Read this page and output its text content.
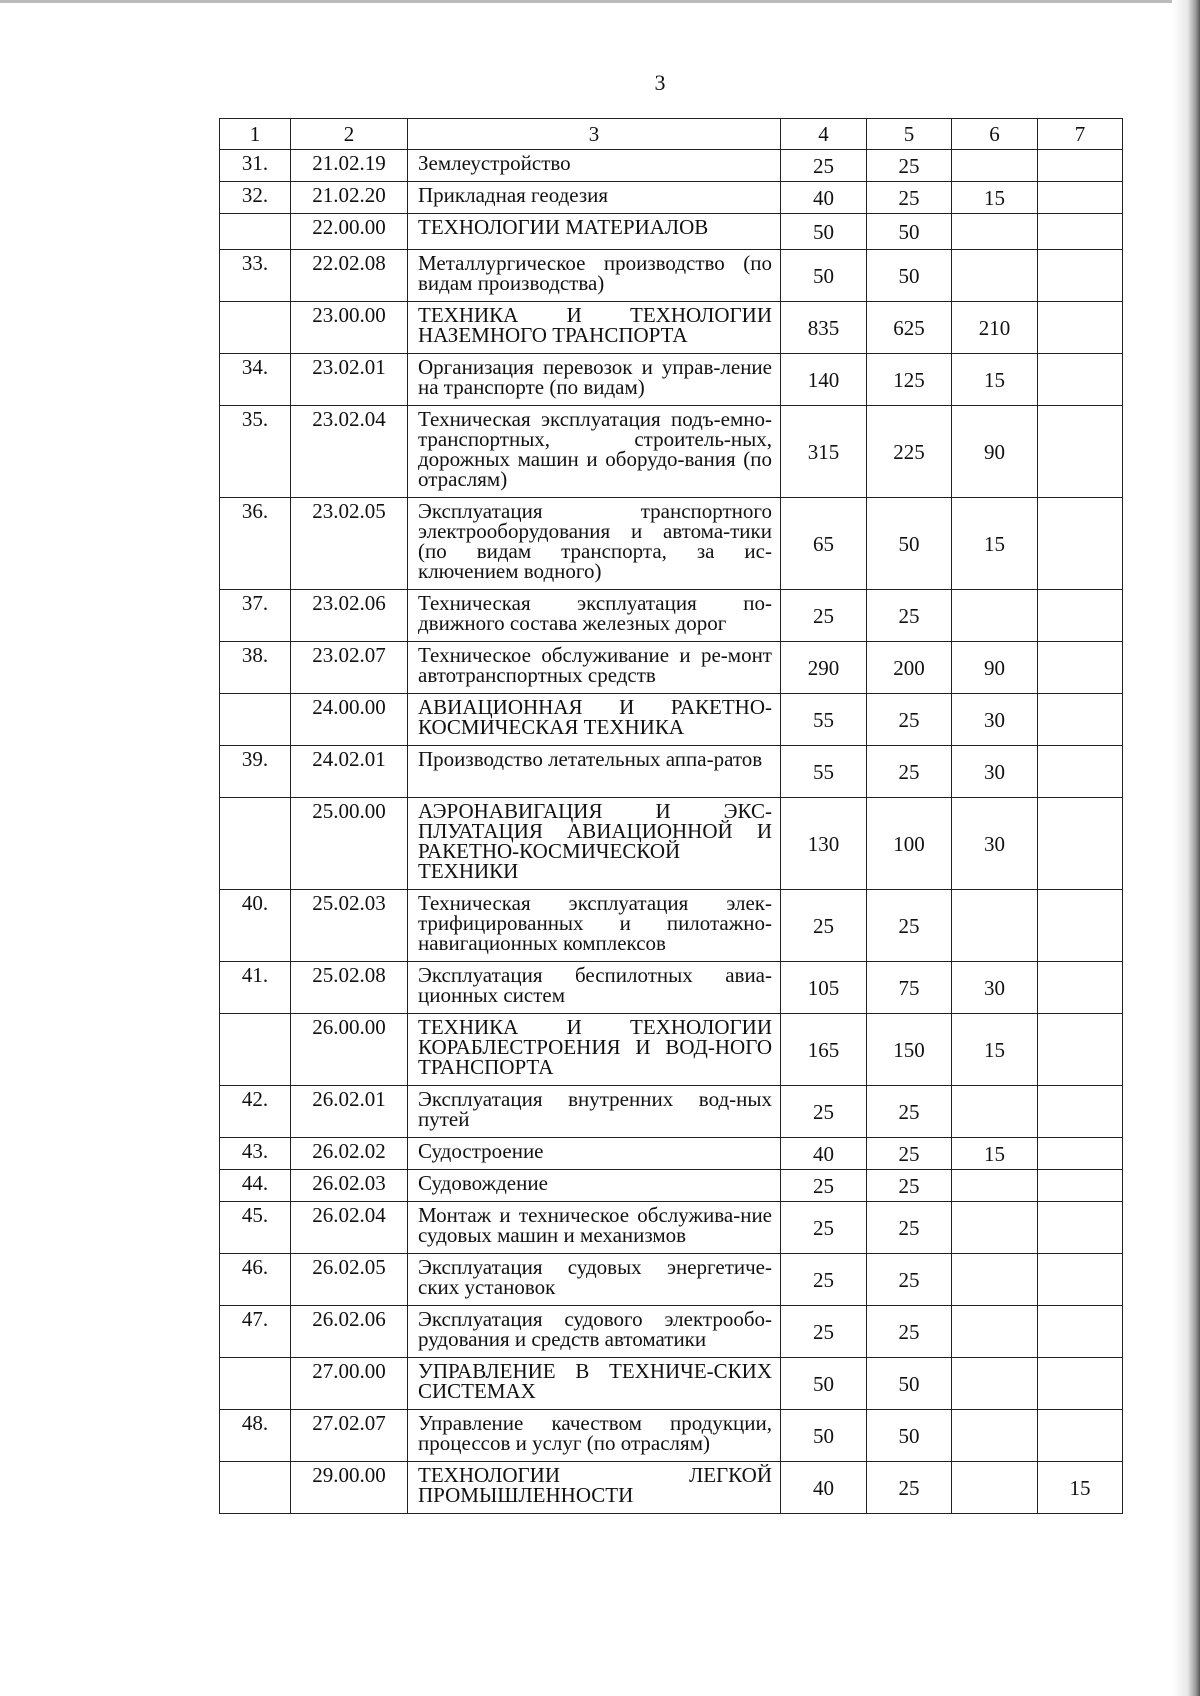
3
1	2	3	4	5	6	7
31.	21.02.19	Землеустройство	25	25		
32.	21.02.20	Прикладная геодезия	40	25	15	
	22.00.00	ТЕХНОЛОГИИ МАТЕРИАЛОВ	50	50		
33.	22.02.08	Металлургическое производство (по видам производства)	50	50		
	23.00.00	ТЕХНИКА И ТЕХНОЛОГИИ НАЗЕМНОГО ТРАНСПОРТА	835	625	210	
34.	23.02.01	Организация перевозок и управ-ление на транспорте (по видам)	140	125	15	
35.	23.02.04	Техническая эксплуатация подъ-емно-транспортных, строитель-ных, дорожных машин и оборудо-вания (по отраслям)	315	225	90	
36.	23.02.05	Эксплуатация транспортного электрооборудования и автома-тики (по видам транспорта, за ис-ключением водного)	65	50	15	
37.	23.02.06	Техническая эксплуатация по-движного состава железных дорог	25	25		
38.	23.02.07	Техническое обслуживание и ре-монт автотранспортных средств	290	200	90	
	24.00.00	АВИАЦИОННАЯ И РАКЕТНО-КОСМИЧЕСКАЯ ТЕХНИКА	55	25	30	
39.	24.02.01	Производство летательных аппа-ратов	55	25	30	
	25.00.00	АЭРОНАВИГАЦИЯ И ЭКС-ПЛУАТАЦИЯ АВИАЦИОННОЙ И РАКЕТНО-КОСМИЧЕСКОЙ ТЕХНИКИ	130	100	30	
40.	25.02.03	Техническая эксплуатация элек-трифицированных и пилотажно-навигационных комплексов	25	25		
41.	25.02.08	Эксплуатация беспилотных авиа-ционных систем	105	75	30	
	26.00.00	ТЕХНИКА И ТЕХНОЛОГИИ КОРАБЛЕСТРОЕНИЯ И ВОД-НОГО ТРАНСПОРТА	165	150	15	
42.	26.02.01	Эксплуатация внутренних вод-ных путей	25	25		
43.	26.02.02	Судостроение	40	25	15	
44.	26.02.03	Судовождение	25	25		
45.	26.02.04	Монтаж и техническое обслужива-ние судовых машин и механизмов	25	25		
46.	26.02.05	Эксплуатация судовых энергетиче-ских установок	25	25		
47.	26.02.06	Эксплуатация судового электрообо-рудования и средств автоматики	25	25		
	27.00.00	УПРАВЛЕНИЕ В ТЕХНИЧЕ-СКИХ СИСТЕМАХ	50	50		
48.	27.02.07	Управление качеством продукции, процессов и услуг (по отраслям)	50	50		
	29.00.00	ТЕХНОЛОГИИ ЛЕГКОЙ ПРОМЫШЛЕННОСТИ	40	25		15
